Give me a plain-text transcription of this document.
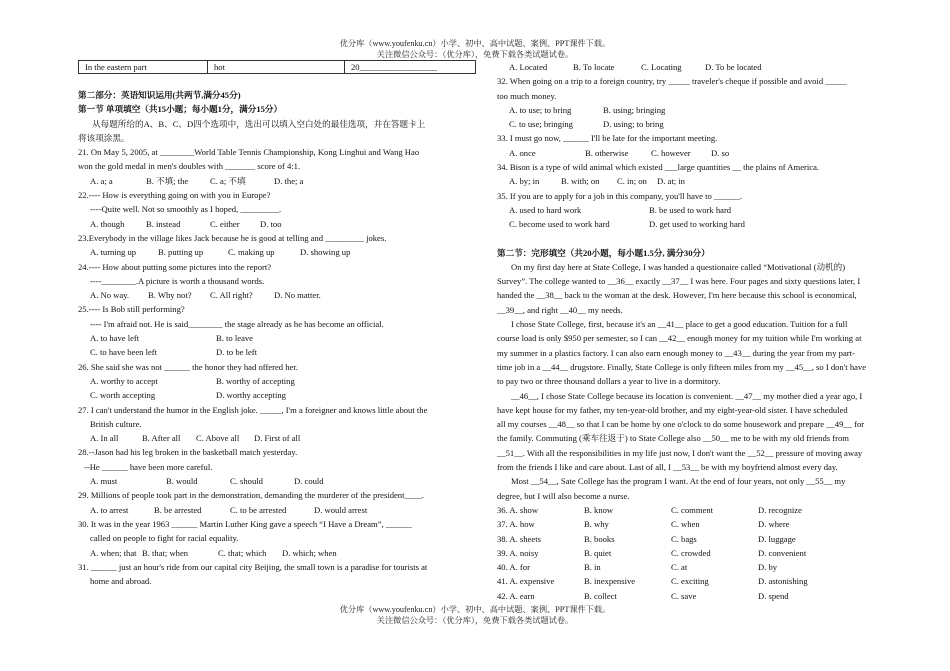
优分库（www.youfenku.cn）小学、初中、高中试题、案例、PPT课件下载。
关注微信公众号：（优分库），免费下载各类试题试卷。
In the eastern part	hot	20__________________
第二部分：英语知识运用(共两节,满分45分)
第一节 单项填空（共15小题；每小题1分，满分15分）
从每题所给的A、B、C、D四个选项中，选出可以填入空白处的最佳选项，并在答题卡上
将该项涂黑。
21. On May 5, 2005, at ________World Table Tennis Championship, Kong Linghui and Wang Hao
won the gold medal in men's doubles with _______ score of 4:1.
A. a; a	B. 不填; the	C. a; 不填	D. the; a
22.---- How is everything going on with you in Europe?
----Quite well. Not so smoothly as I hoped, _________.
A. though	B. instead	C. either D. too
23.Everybody in the village likes Jack because he is good at telling and _________ jokes.
A. turning up	B. putting up	C. making up	D. showing up
24.---- How about putting some pictures into the report?
----________.A picture is worth a thousand words.
A. No way. B. Why not? C. All right? D. No matter.
25.---- Is Bob still performing?
---- I'm afraid not. He is said________ the stage already as he has become an official.
A. to have left	B. to leave
C. to have been left	D. to be left
26. She said she was not ______ the honor they had offered her.
A. worthy to accept	B. worthy of accepting
C. worth accepting	D. worthy accepting
27. I can't understand the humor in the English joke. _____, I'm a foreigner and knows little about the
British culture.
A. In all	B. After all C. Above all D. First of all
28.--Jason had his leg broken in the basketball match yesterday.
--He ______ have been more careful.
A. must	B. would	C. should	D. could
29. Millions of people took part in the demonstration, demanding the murderer of the president____.
A. to arrest	B. be arrested	C. to be arrested	D. would arrest
30. It was in the year 1963 ______ Martin Luther King gave a speech “I Have a Dream”, ______
called on people to fight for racial equality.
A. when; that B. that; when	C. that; which D. which; when
31. ______ just an hour's ride from our capital city Beijing, the small town is a paradise for tourists at
home and abroad.
A. Located	B. To locate	C. Locating	D. To be located
32. When going on a trip to a foreign country, try _____ traveler's cheque if possible and avoid _____
too much money.
A. to use; to bring	B. using; bringing
C. to use; bringing	D. using; to bring
33. I must go now, ______ I'll be late for the important meeting.
A. once	B. otherwise	C. however D. so
34. Bison is a type of wild animal which existed ___large quantities __ the plains of America.
A. by; in	B. with; on C. in; on D. at; in
35. If you are to apply for a job in this company, you'll have to ______.
A. used to hard work	B. be used to work hard
C. become used to work hard	D. get used to working hard
第二节：完形填空（共20小题，每小题1.5分, 满分30分）
On my first day here at State College, I was handed a questionaire called “Motivational (动机的)
Survey”. The college wanted to __36__ exactly __37__ I was here. Four pages and sixty questions later, I
handed the __38__ back to the woman at the desk. However, I'm here because this school is economical,
__39__, and right __40__ my needs.
I chose State College, first, because it's an __41__ place to get a good education. Tuition for a full
course load is only $950 per semester, so I can __42__ enough money for my tuition while I'm working at
my summer in a plastics factory. I can also earn enough money to __43__ during the year from my part-
time job in a __44__ drugstore. Finally, State College is only fifteen miles from my __45__, so I don't have
to pay two or three thousand dollars a year to live in a dormitory.
__46__, I chose State College because its location is convenient. __47__ my mother died a year ago, I
have kept house for my father, my ten-year-old brother, and my eight-year-old sister. I have scheduled
all my courses __48__ so that I can be home by one o'clock to do some housework and prepare __49__ for
the family. Commuting (乘车往返于) to State College also __50__ me to be with my old friends from
__51__. With all the responsibilities in my life just now, I don't want the __52__ pressure of moving away
from the friends I like and care about. Last of all, I __53__ be with my boyfriend almost every day.
Most __54__, Sate College has the program I want. At the end of four years, not only __55__ my
degree, but I will also become a nurse.
36. A. show	B. know	C. comment	D. recognize
37. A. how	B. why	C. when	D. where
38. A. sheets	B. books	C. bags	D. luggage
39. A. noisy	B. quiet	C. crowded	D. convenient
40. A. for	B. in	C. at	D. by
41. A. expensive	B. inexpensive	C. exciting	D. astonishing
42. A. earn	B. collect	C. save	D. spend
优分库（www.youfenku.cn）小学、初中、高中试题、案例、PPT课件下载。
关注微信公众号：（优分库），免费下载各类试题试卷。
